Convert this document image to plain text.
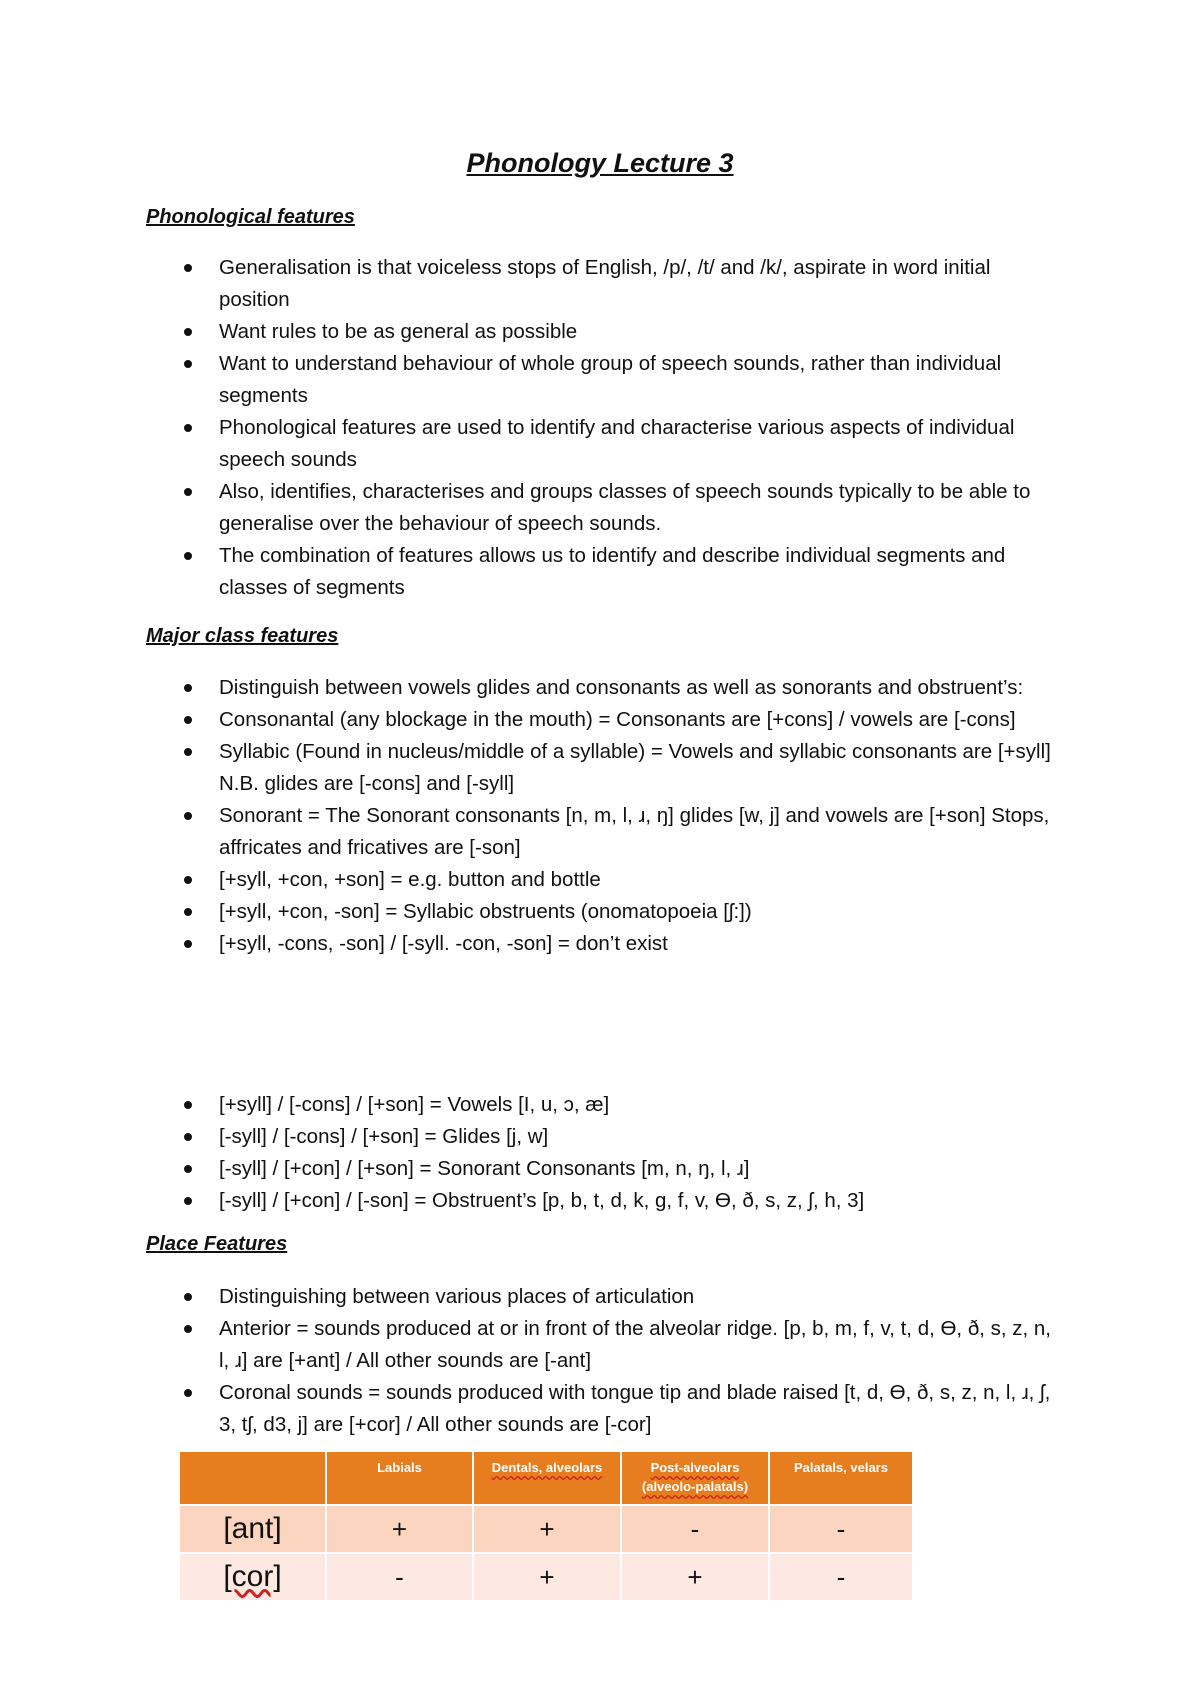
Phonology Lecture 3
Phonological features
Generalisation is that voiceless stops of English, /p/, /t/ and /k/, aspirate in word initial position
Want rules to be as general as possible
Want to understand behaviour of whole group of speech sounds, rather than individual segments
Phonological features are used to identify and characterise various aspects of individual speech sounds
Also, identifies, characterises and groups classes of speech sounds typically to be able to generalise over the behaviour of speech sounds.
The combination of features allows us to identify and describe individual segments and classes of segments
Major class features
Distinguish between vowels glides and consonants as well as sonorants and obstruent’s:
Consonantal (any blockage in the mouth) = Consonants are [+cons] / vowels are [-cons]
Syllabic (Found in nucleus/middle of a syllable) = Vowels and syllabic consonants are [+syll] N.B. glides are [-cons] and [-syll]
Sonorant = The Sonorant consonants [n, m, l, ɹ, ŋ] glides [w, j] and vowels are [+son] Stops, affricates and fricatives are [-son]
[+syll, +con, +son] = e.g. button and bottle
[+syll, +con, -son] = Syllabic obstruents (onomatopoeia [ʃ:])
[+syll, -cons, -son] / [-syll. -con, -son] = don’t exist
[+syll] / [-cons] / [+son] = Vowels [I, u, ɔ, æ]
[-syll] / [-cons] / [+son] = Glides [j, w]
[-syll] / [+con] / [+son] = Sonorant Consonants [m, n, ŋ, l, ɹ]
[-syll] / [+con] / [-son] = Obstruent’s [p, b, t, d, k, g, f, v, ϴ, ð, s, z, ʃ, h, 3]
Place Features
Distinguishing between various places of articulation
Anterior = sounds produced at or in front of the alveolar ridge. [p, b, m, f, v, t, d, ϴ, ð, s, z, n, l, ɹ] are [+ant] / All other sounds are [-ant]
Coronal sounds = sounds produced with tongue tip and blade raised [t, d, ϴ, ð, s, z, n, l, ɹ, ʃ, 3, tʃ, d3, j] are [+cor] / All other sounds are [-cor]
	Labials	Dentals, alveolars	Post-alveolars (alveolo-palatals)	Palatals, velars
[ant]	+	+	-	-
[cor]	-	+	+	-
